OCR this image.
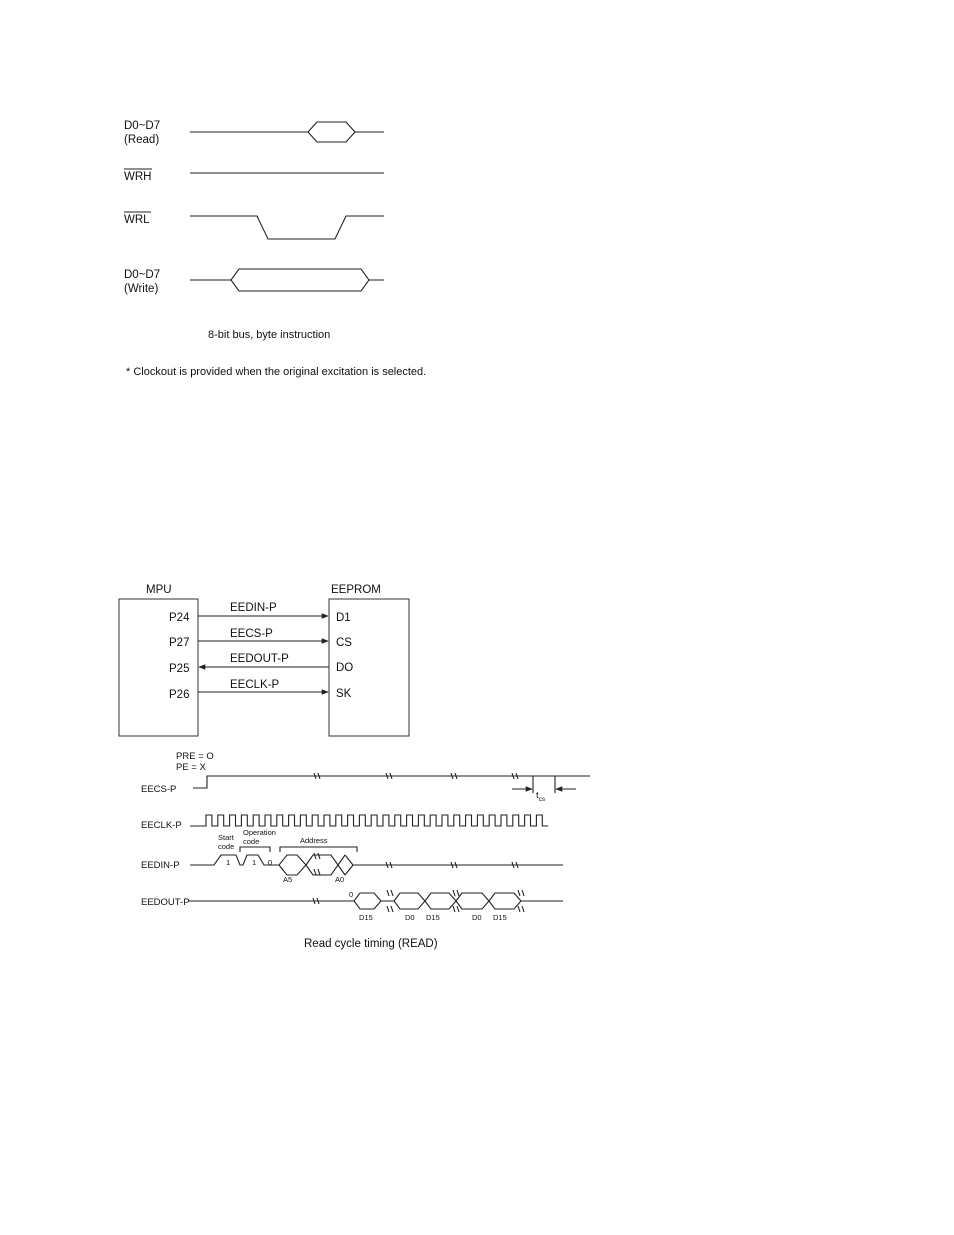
D0~D7
(Read)
WRH
WRL
D0~D7
(Write)
8-bit bus, byte instruction
* Clockout is provided when the original excitation is selected.
MPU	EEPROM
P24
EEDIN-P
D1
P27
EECS-P
CS
P25
EEDOUT-P
DO
P26
EECLK-P
SK
PRE = O
PE = X
EECS-P
$t_{cs}$
EECLK-P
Start
code
Operation
code	Address
EEDIN-P	1	1 0
A5	A0
EEDOUT-P
0
D15	D0 D15	D0 D15
Read cycle timing (READ)
